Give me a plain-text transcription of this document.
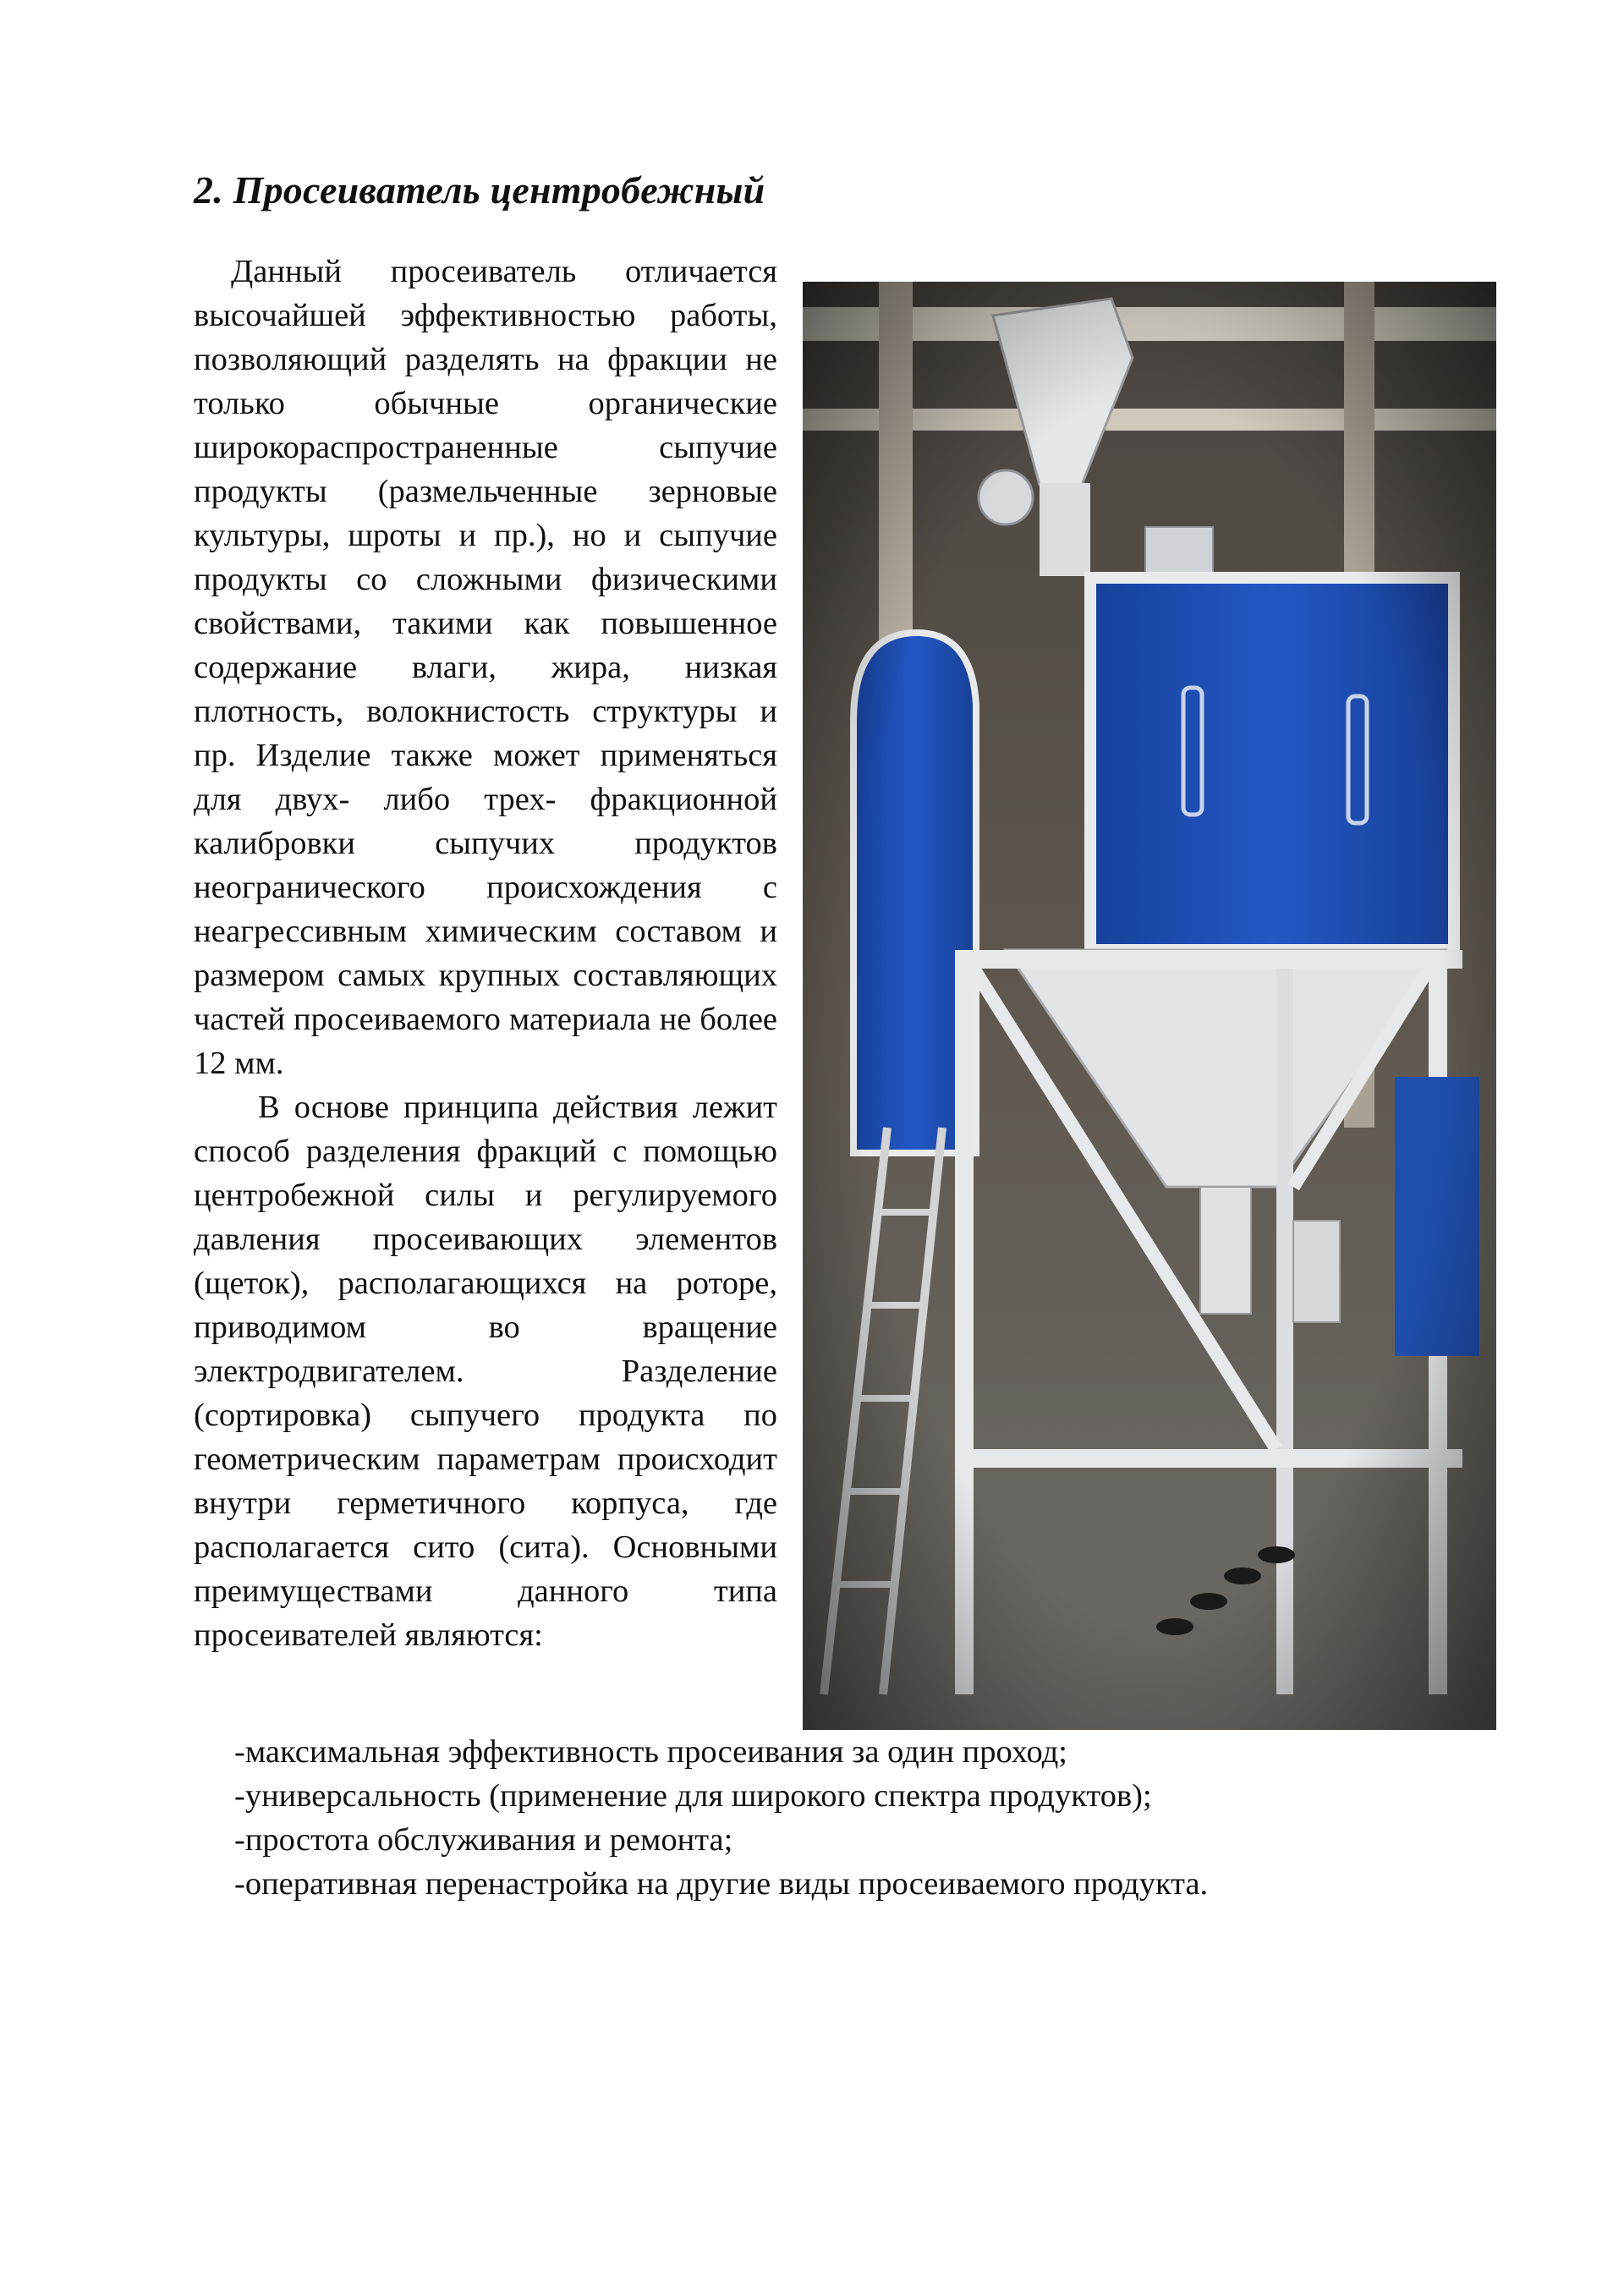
2. Просеиватель центробежный

Данный просеиватель отличается высочайшей эффективностью работы, позволяющий разделять на фракции не только обычные органические широкораспространенные сыпучие продукты (размельченные зерновые культуры, шроты и пр.), но и сыпучие продукты со сложными физическими свойствами, такими как повышенное содержание влаги, жира, низкая плотность, волокнистость структуры и пр. Изделие также может применяться для двух- либо трех- фракционной калибровки сыпучих продуктов неограничеcкого происхождения с неагрессивным химическим составом и размером самых крупных составляющих частей просеиваемого материала не более 12 мм.

В основе принципа действия лежит способ разделения фракций с помощью центробежной силы и регулируемого давления просеивающих элементов (щеток), располагающихся на роторе, приводимом во вращение электродвигателем. Разделение (сортировка) сыпучего продукта по геометрическим параметрам происходит внутри герметичного корпуса, где располагается сито (сита). Основными преимуществами данного типа просеивателей являются:

-максимальная эффективность просеивания за один проход;
-универсальность (применение для широкого спектра продуктов);
-простота обслуживания и ремонта;
-оперативная перенастройка на другие виды просеиваемого продукта.
